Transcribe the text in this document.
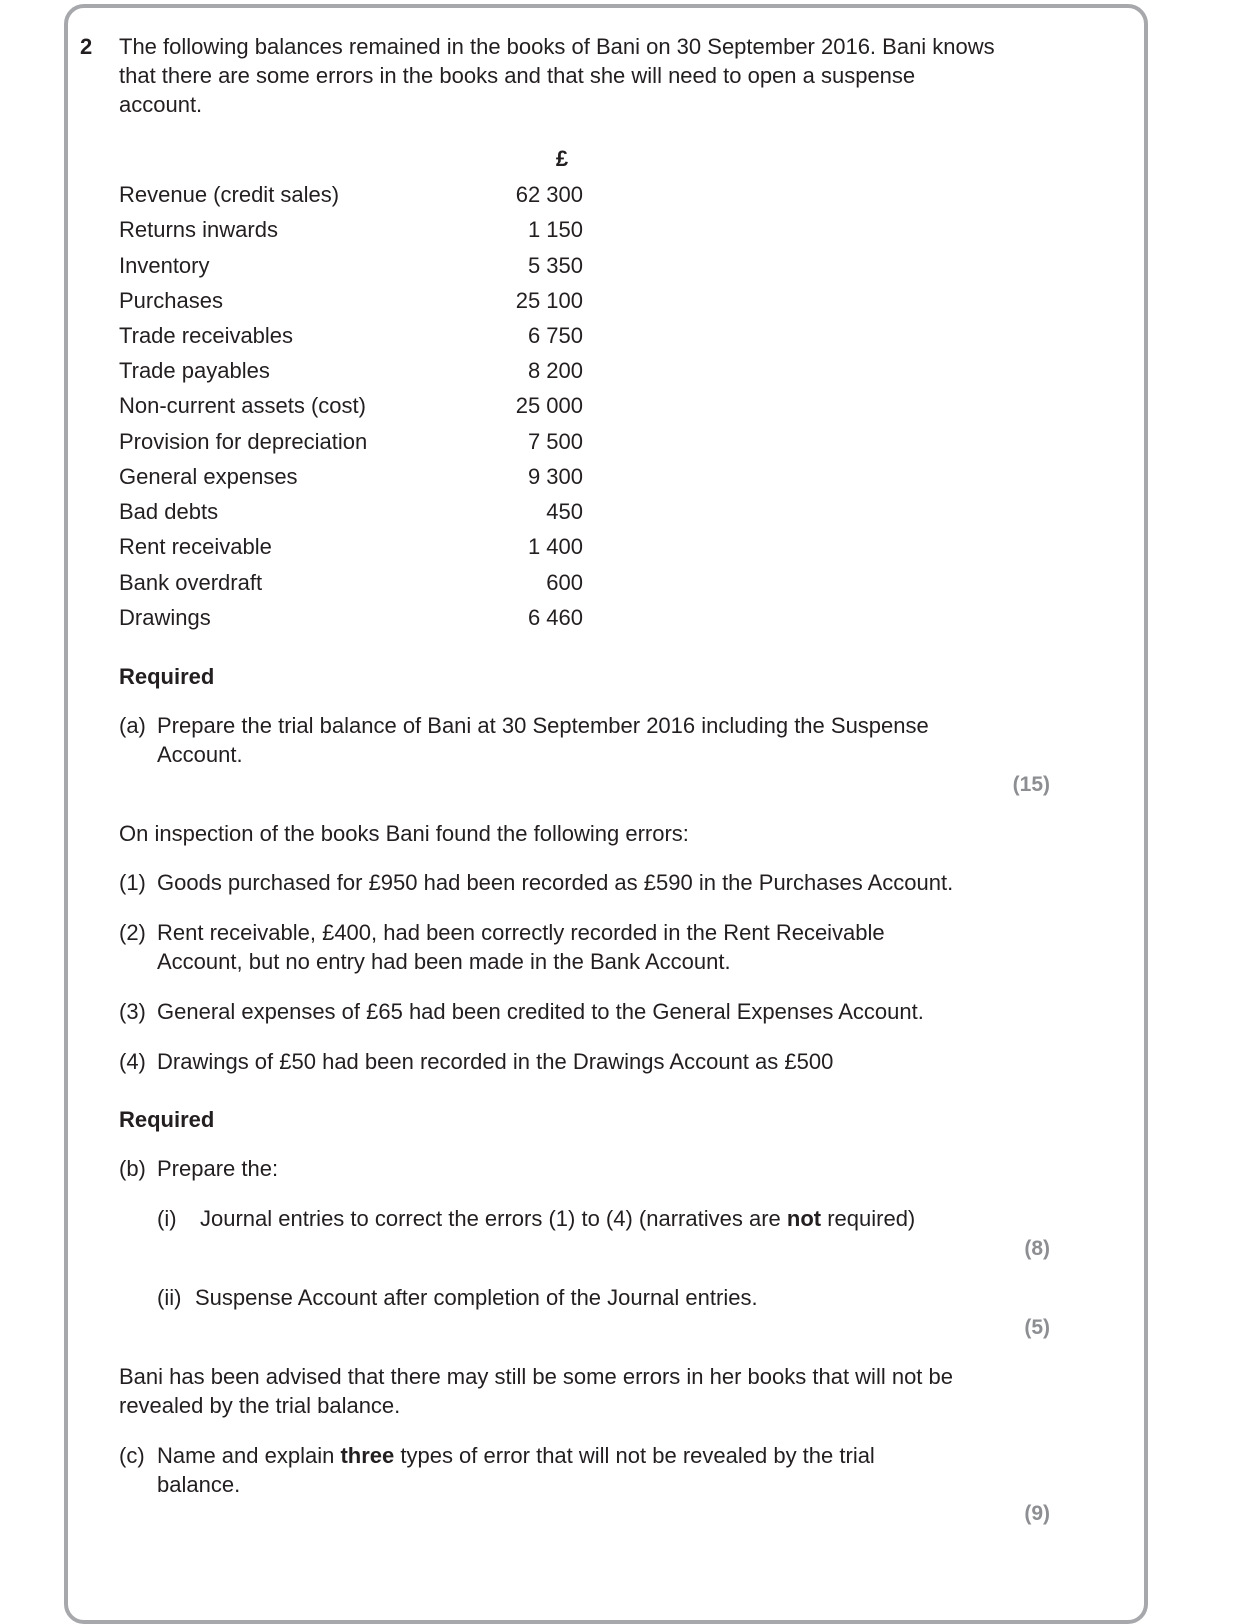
2 The following balances remained in the books of Bani on 30 September 2016. Bani knows that there are some errors in the books and that she will need to open a suspense account.
£
Revenue (credit sales)	62 300
Returns inwards	1 150
Inventory	5 350
Purchases	25 100
Trade receivables	6 750
Trade payables	8 200
Non-current assets (cost)	25 000
Provision for depreciation	7 500
General expenses	9 300
Bad debts	450
Rent receivable	1 400
Bank overdraft	600
Drawings	6 460
Required
(a) Prepare the trial balance of Bani at 30 September 2016 including the Suspense
Account.
(15)
On inspection of the books Bani found the following errors:
(1) Goods purchased for £950 had been recorded as £590 in the Purchases Account.
(2) Rent receivable, £400, had been correctly recorded in the Rent Receivable
Account, but no entry had been made in the Bank Account.
(3) General expenses of £65 had been credited to the General Expenses Account.
(4) Drawings of £50 had been recorded in the Drawings Account as £500
Required
(b) Prepare the:
(i) Journal entries to correct the errors (1) to (4) (narratives are not required)
(8)
(ii) Suspense Account after completion of the Journal entries.
(5)
Bani has been advised that there may still be some errors in her books that will not be
revealed by the trial balance.
(c) Name and explain three types of error that will not be revealed by the trial
balance.
(9)
